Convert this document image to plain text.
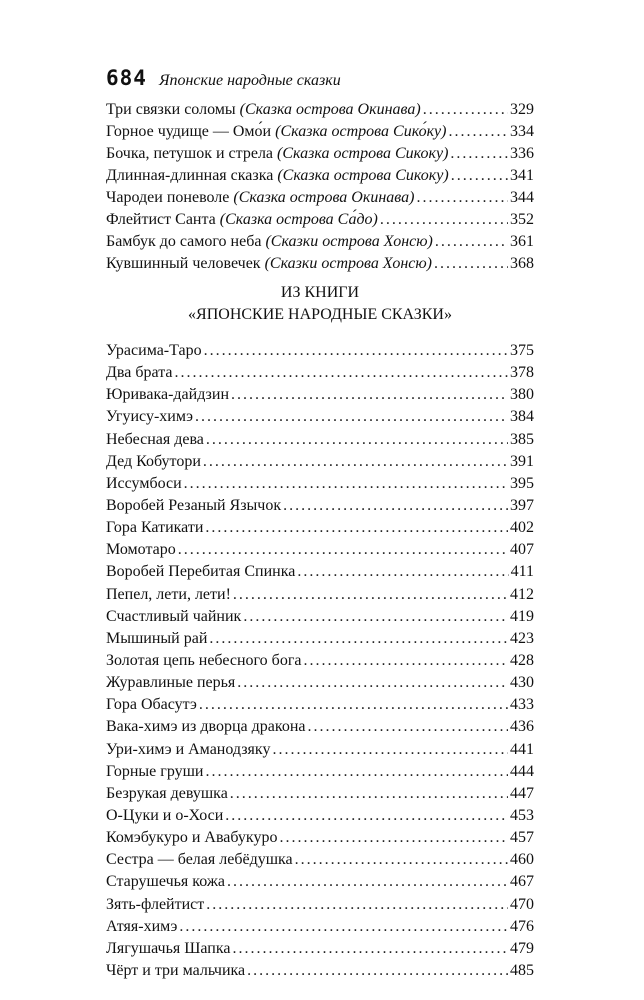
684 Японские народные сказки
Три связки соломы (Сказка острова Окинава) . . .	329
Горное чудище — Омо́и (Сказка острова Сико́ку) . . .	334
Бочка, петушок и стрела (Сказка острова Сикоку) . . .	336
Длинная-длинная сказка (Сказка острова Сикоку) . . .	341
Чародеи поневоле (Сказка острова Окинава) . . .	344
Флейтист Санта (Сказка острова Са́до) . . .	352
Бамбук до самого неба (Сказки острова Хонсю) . . .	361
Кувшинный человечек (Сказки острова Хонсю) . . .	368
ИЗ КНИГИ
«ЯПОНСКИЕ НАРОДНЫЕ СКАЗКИ»
Урасима-Таро . . .	375
Два брата . . .	378
Юривака-дайдзин . . .	380
Угуису-химэ . . .	384
Небесная дева . . .	385
Дед Кобутори . . .	391
Иссумбоси . . .	395
Воробей Резаный Язычок . . .	397
Гора Катикати . . .	402
Момотаро . . .	407
Воробей Перебитая Спинка . . .	411
Пепел, лети, лети! . . .	412
Счастливый чайник . . .	419
Мышиный рай . . .	423
Золотая цепь небесного бога . . .	428
Журавлиные перья . . .	430
Гора Обасутэ . . .	433
Вака-химэ из дворца дракона . . .	436
Ури-химэ и Аманодзяку . . .	441
Горные груши . . .	444
Безрукая девушка . . .	447
О-Цуки и о-Хоси . . .	453
Комэбукуро и Авабукуро . . .	457
Сестра — белая лебёдушка . . .	460
Старушечья кожа . . .	467
Зять-флейтист . . .	470
Атяя-химэ . . .	476
Лягушачья Шапка . . .	479
Чёрт и три мальчика . . .	485
